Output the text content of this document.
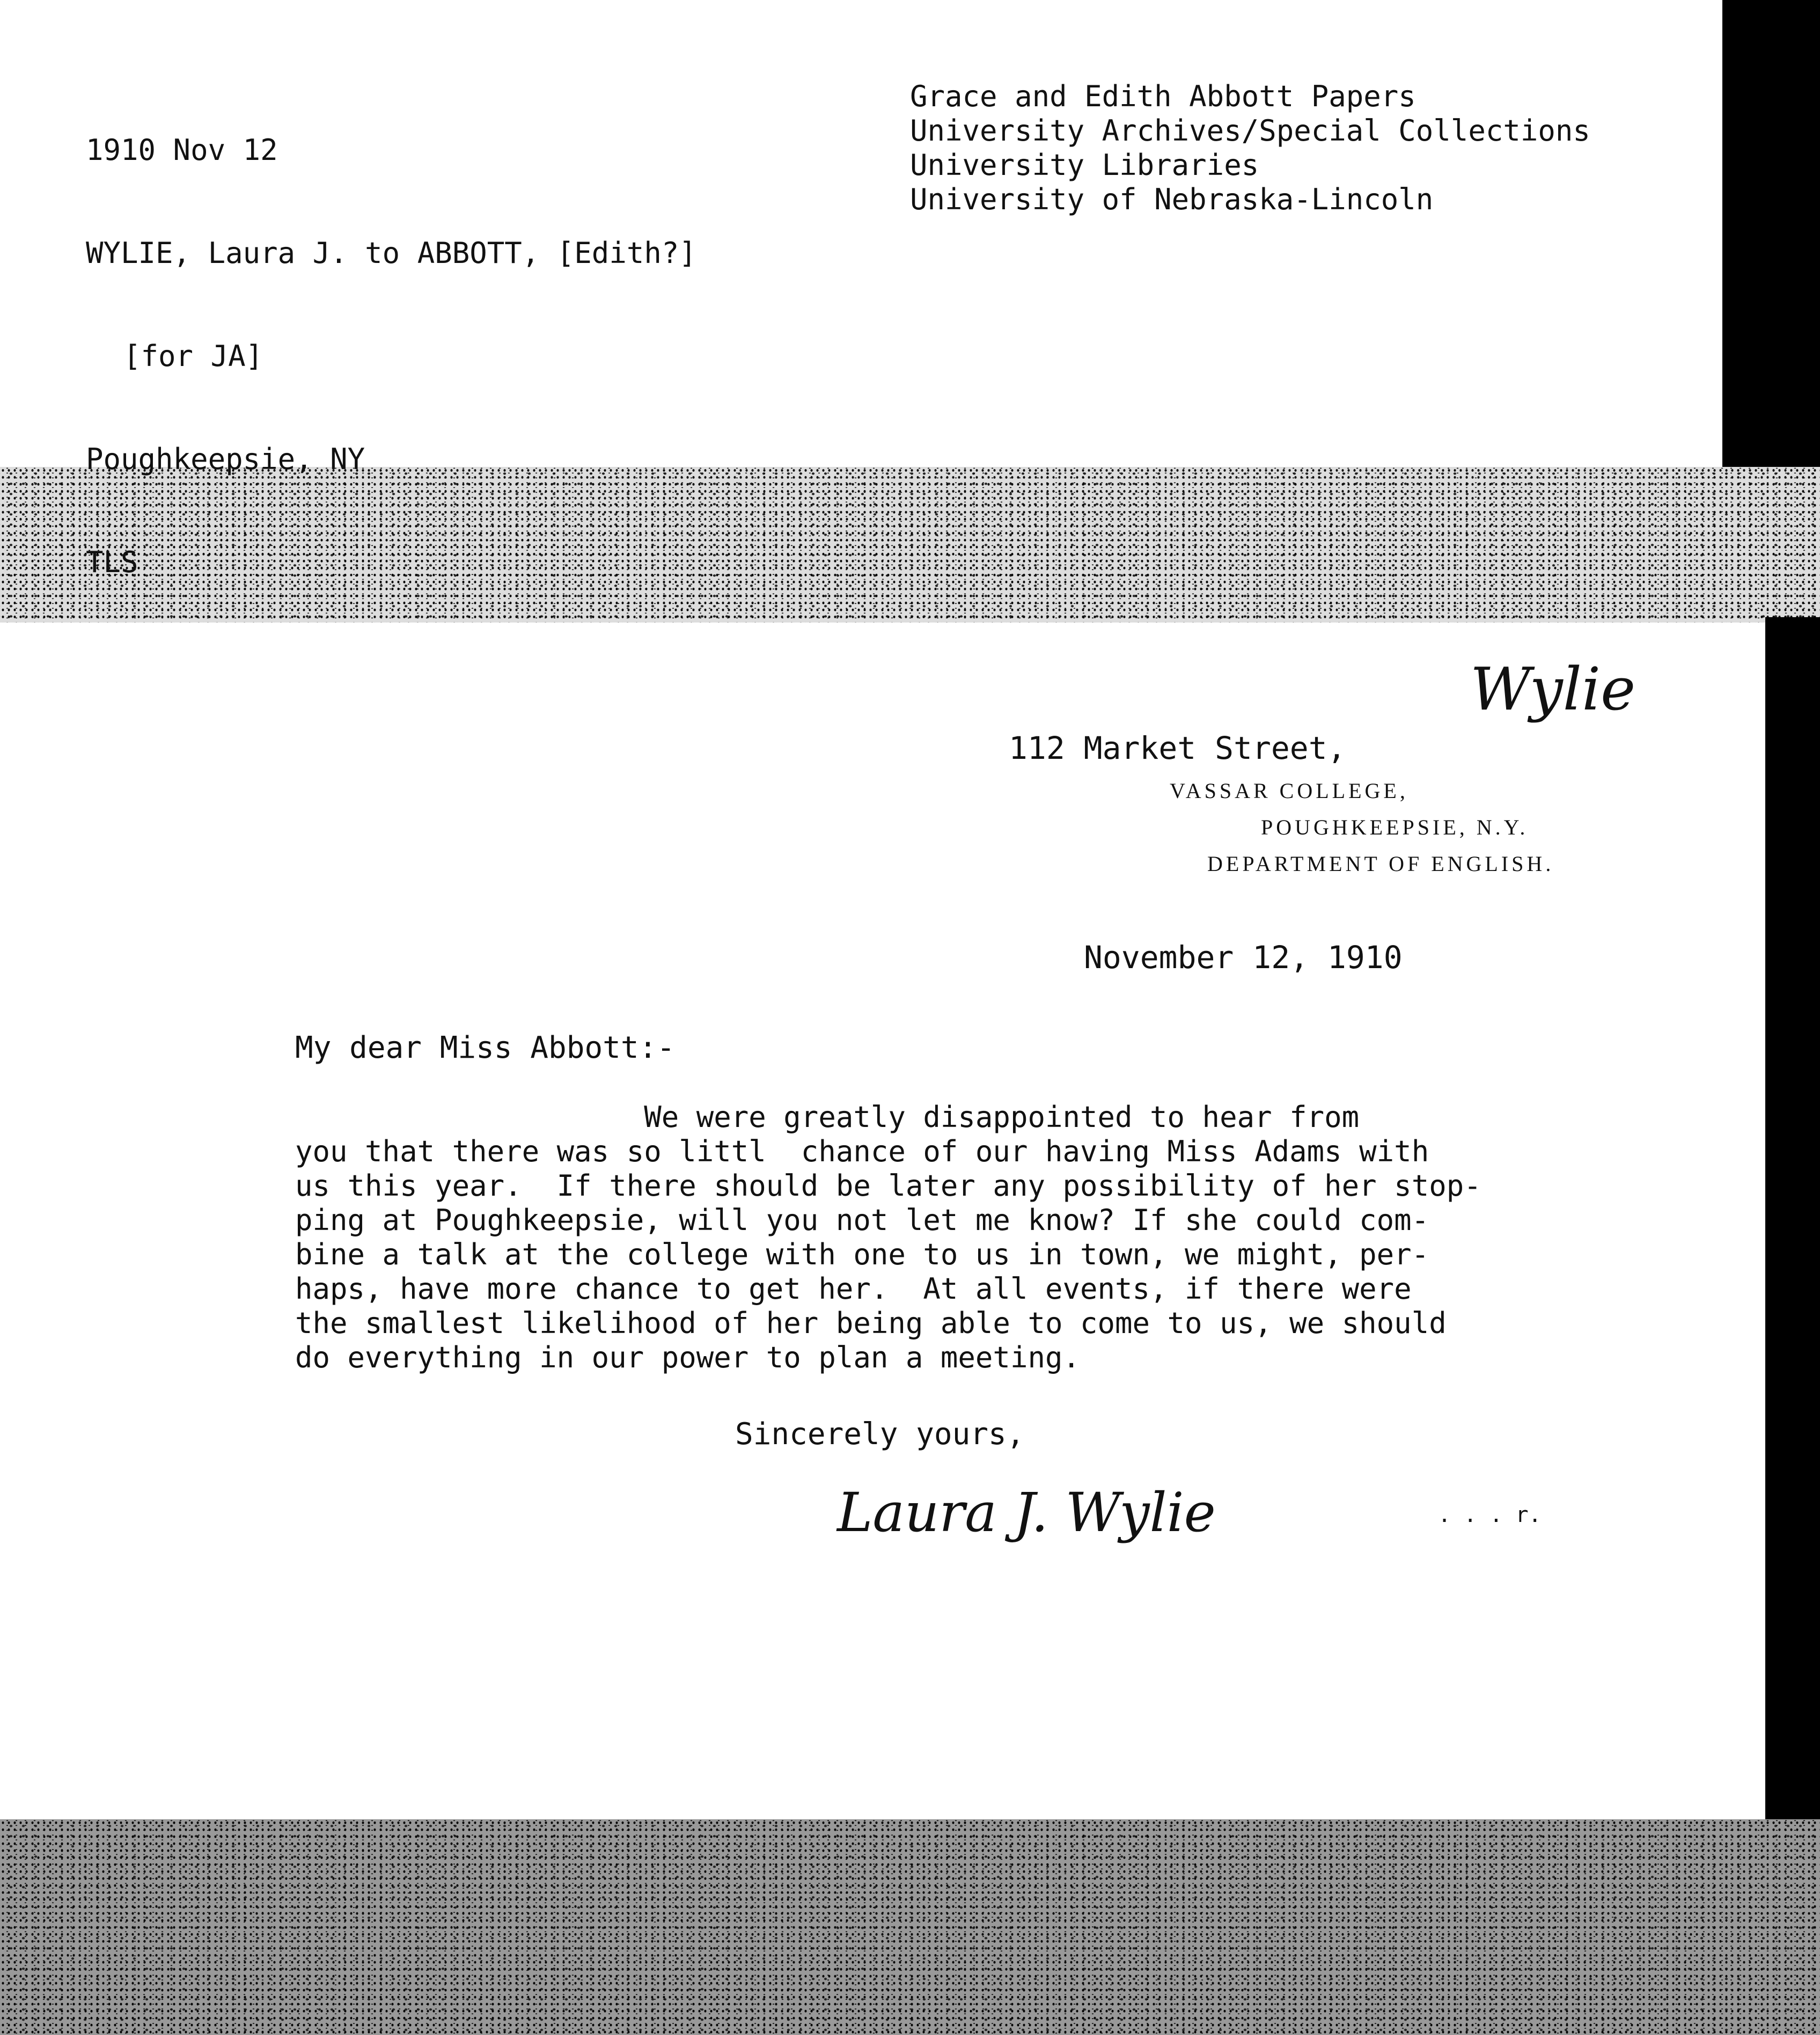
1910 Nov 12

WYLIE, Laura J. to ABBOTT, [Edith?]

[for JA]

Poughkeepsie, NY

TLS

Grace and Edith Abbott Papers
University Archives/Special Collections
University Libraries
University of Nebraska-Lincoln
Wylie
112 Market Street,
VASSAR COLLEGE,
POUGHKEEPSIE, N.Y.
DEPARTMENT OF ENGLISH.
November 12, 1910
My dear Miss Abbott:-
We were greatly disappointed to hear from
you that there was so littl  chance of our having Miss Adams with
us this year.  If there should be later any possibility of her stop-
ping at Poughkeepsie, will you not let me know? If she could com-
bine a talk at the college with one to us in town, we might, per-
haps, have more chance to get her.  At all events, if there were
the smallest likelihood of her being able to come to us, we should
do everything in our power to plan a meeting.
Sincerely yours,
Laura J. Wylie	. . . r.
